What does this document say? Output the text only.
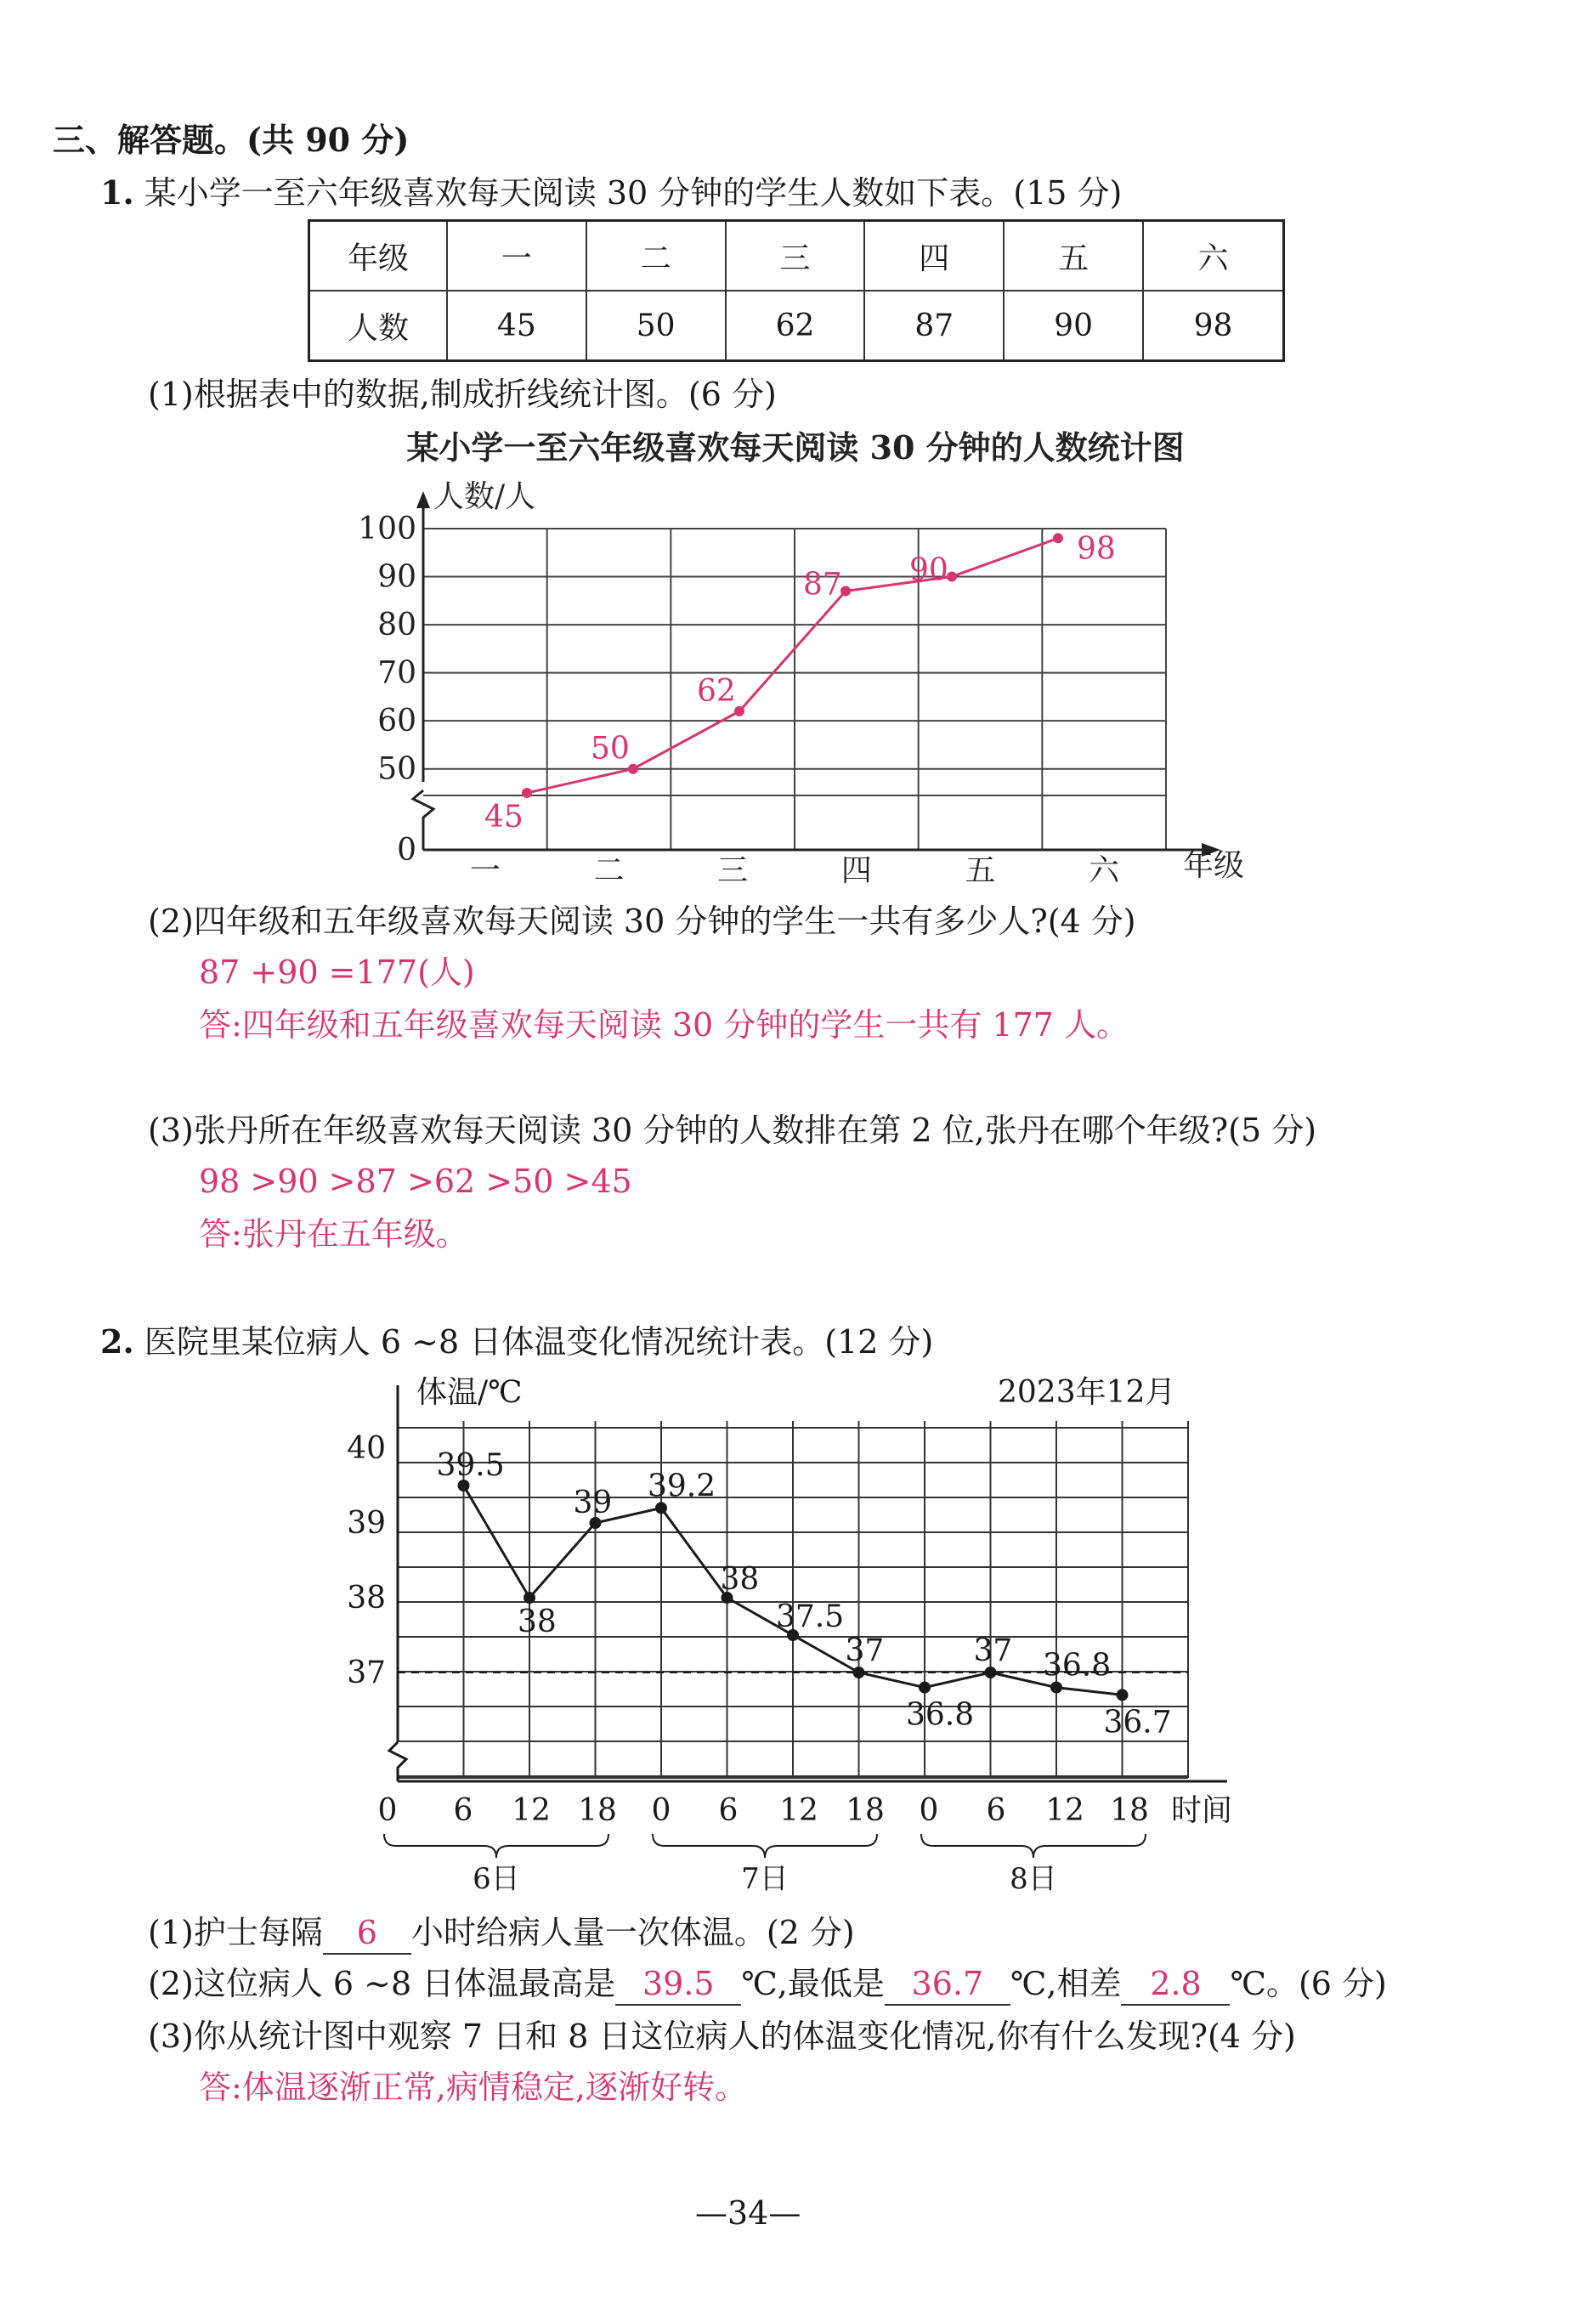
三、解答题。(共 90 分)
1. 某小学一至六年级喜欢每天阅读 30 分钟的学生人数如下表。(15 分)
年级	一	二	三	四	五	六
人数	45	50	62	87	90	98
(1)根据表中的数据,制成折线统计图。(6 分)
某小学一至六年级喜欢每天阅读 30 分钟的人数统计图
人数/人
年级
0
50
60
70
80
90
100
一	二	三	四	五	六
45
50
62
87 90
98
(2)四年级和五年级喜欢每天阅读 30 分钟的学生一共有多少人?(4 分)
87 +90 =177(人)
答:四年级和五年级喜欢每天阅读 30 分钟的学生一共有 177 人。
(3)张丹所在年级喜欢每天阅读 30 分钟的人数排在第 2 位,张丹在哪个年级?(5 分)
98 >90 >87 >62 >50 >45
答:张丹在五年级。
2. 医院里某位病人 6 ~8 日体温变化情况统计表。(12 分)
体温/℃	2023年12月
时间
37
38
39
40
0 6 12 18 0 6 12 18 0 6 12 18
6日	7日	8日
39.5
38
39 39.2
38
37.5
37
36.8
37 36.8
36.7
(1)护士每隔 6 小时给病人量一次体温。(2 分)
(2)这位病人 6 ~8 日体温最高是 39.5 ℃,最低是 36.7 ℃,相差 2.8 ℃。(6 分)
(3)你从统计图中观察 7 日和 8 日这位病人的体温变化情况,你有什么发现?(4 分)
答:体温逐渐正常,病情稳定,逐渐好转。
—34—
